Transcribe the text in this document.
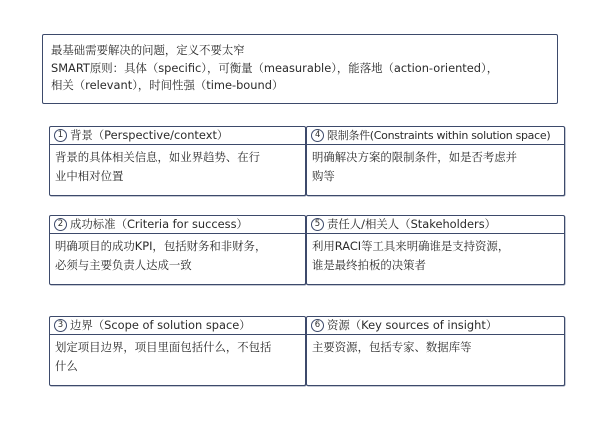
最基础需要解决的问题，定义不要太窄
SMART原则：具体（specific），可衡量（measurable），能落地（action-oriented），
相关（relevant），时间性强（time-bound）
1 背景（Perspective/context）
背景的具体相关信息，如业界趋势、在行
业中相对位置
4 限制条件(Constraints within solution space)
明确解决方案的限制条件，如是否考虑并
购等
2 成功标准（Criteria for success）
明确项目的成功KPI，包括财务和非财务，
必须与主要负责人达成一致
5 责任人/相关人（Stakeholders）
利用RACI等工具来明确谁是支持资源，
谁是最终拍板的决策者
3 边界（Scope of solution space）
划定项目边界，项目里面包括什么，不包括
什么
6 资源（Key sources of insight）
主要资源，包括专家、数据库等
